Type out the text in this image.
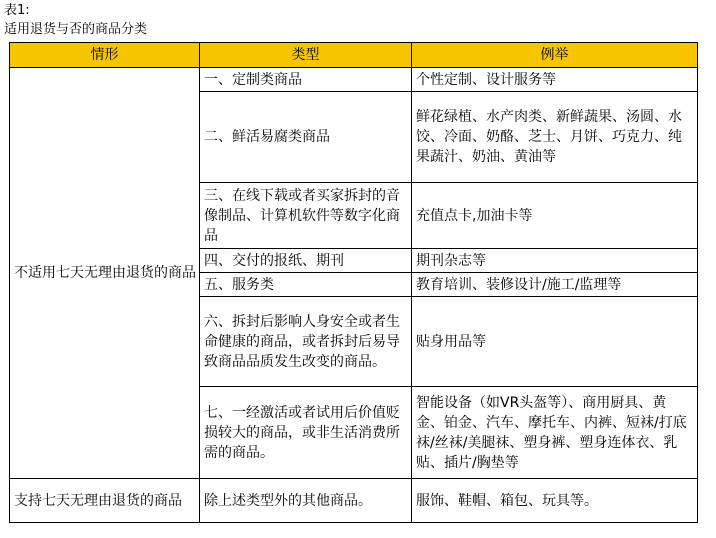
表1:
适用退货与否的商品分类
情形	类型	例举
不适用七天无理由退货的商品	一、定制类商品	个性定制、设计服务等
	二、鲜活易腐类商品	鲜花绿植、水产肉类、新鲜蔬果、汤圆、水饺、冷面、奶酪、芝士、月饼、巧克力、纯果蔬汁、奶油、黄油等
	三、在线下载或者买家拆封的音像制品、计算机软件等数字化商品	充值点卡,加油卡等
	四、交付的报纸、期刊	期刊杂志等
	五、服务类	教育培训、装修设计/施工/监理等
	六、拆封后影响人身安全或者生命健康的商品，或者拆封后易导致商品品质发生改变的商品。	贴身用品等
	七、一经激活或者试用后价值贬损较大的商品，或非生活消费所需的商品。	智能设备（如VR头盔等）、商用厨具、黄金、铂金、汽车、摩托车、内裤、短袜/打底袜/丝袜/美腿袜、塑身裤、塑身连体衣、乳贴、插片/胸垫等
支持七天无理由退货的商品	除上述类型外的其他商品。	服饰、鞋帽、箱包、玩具等。
